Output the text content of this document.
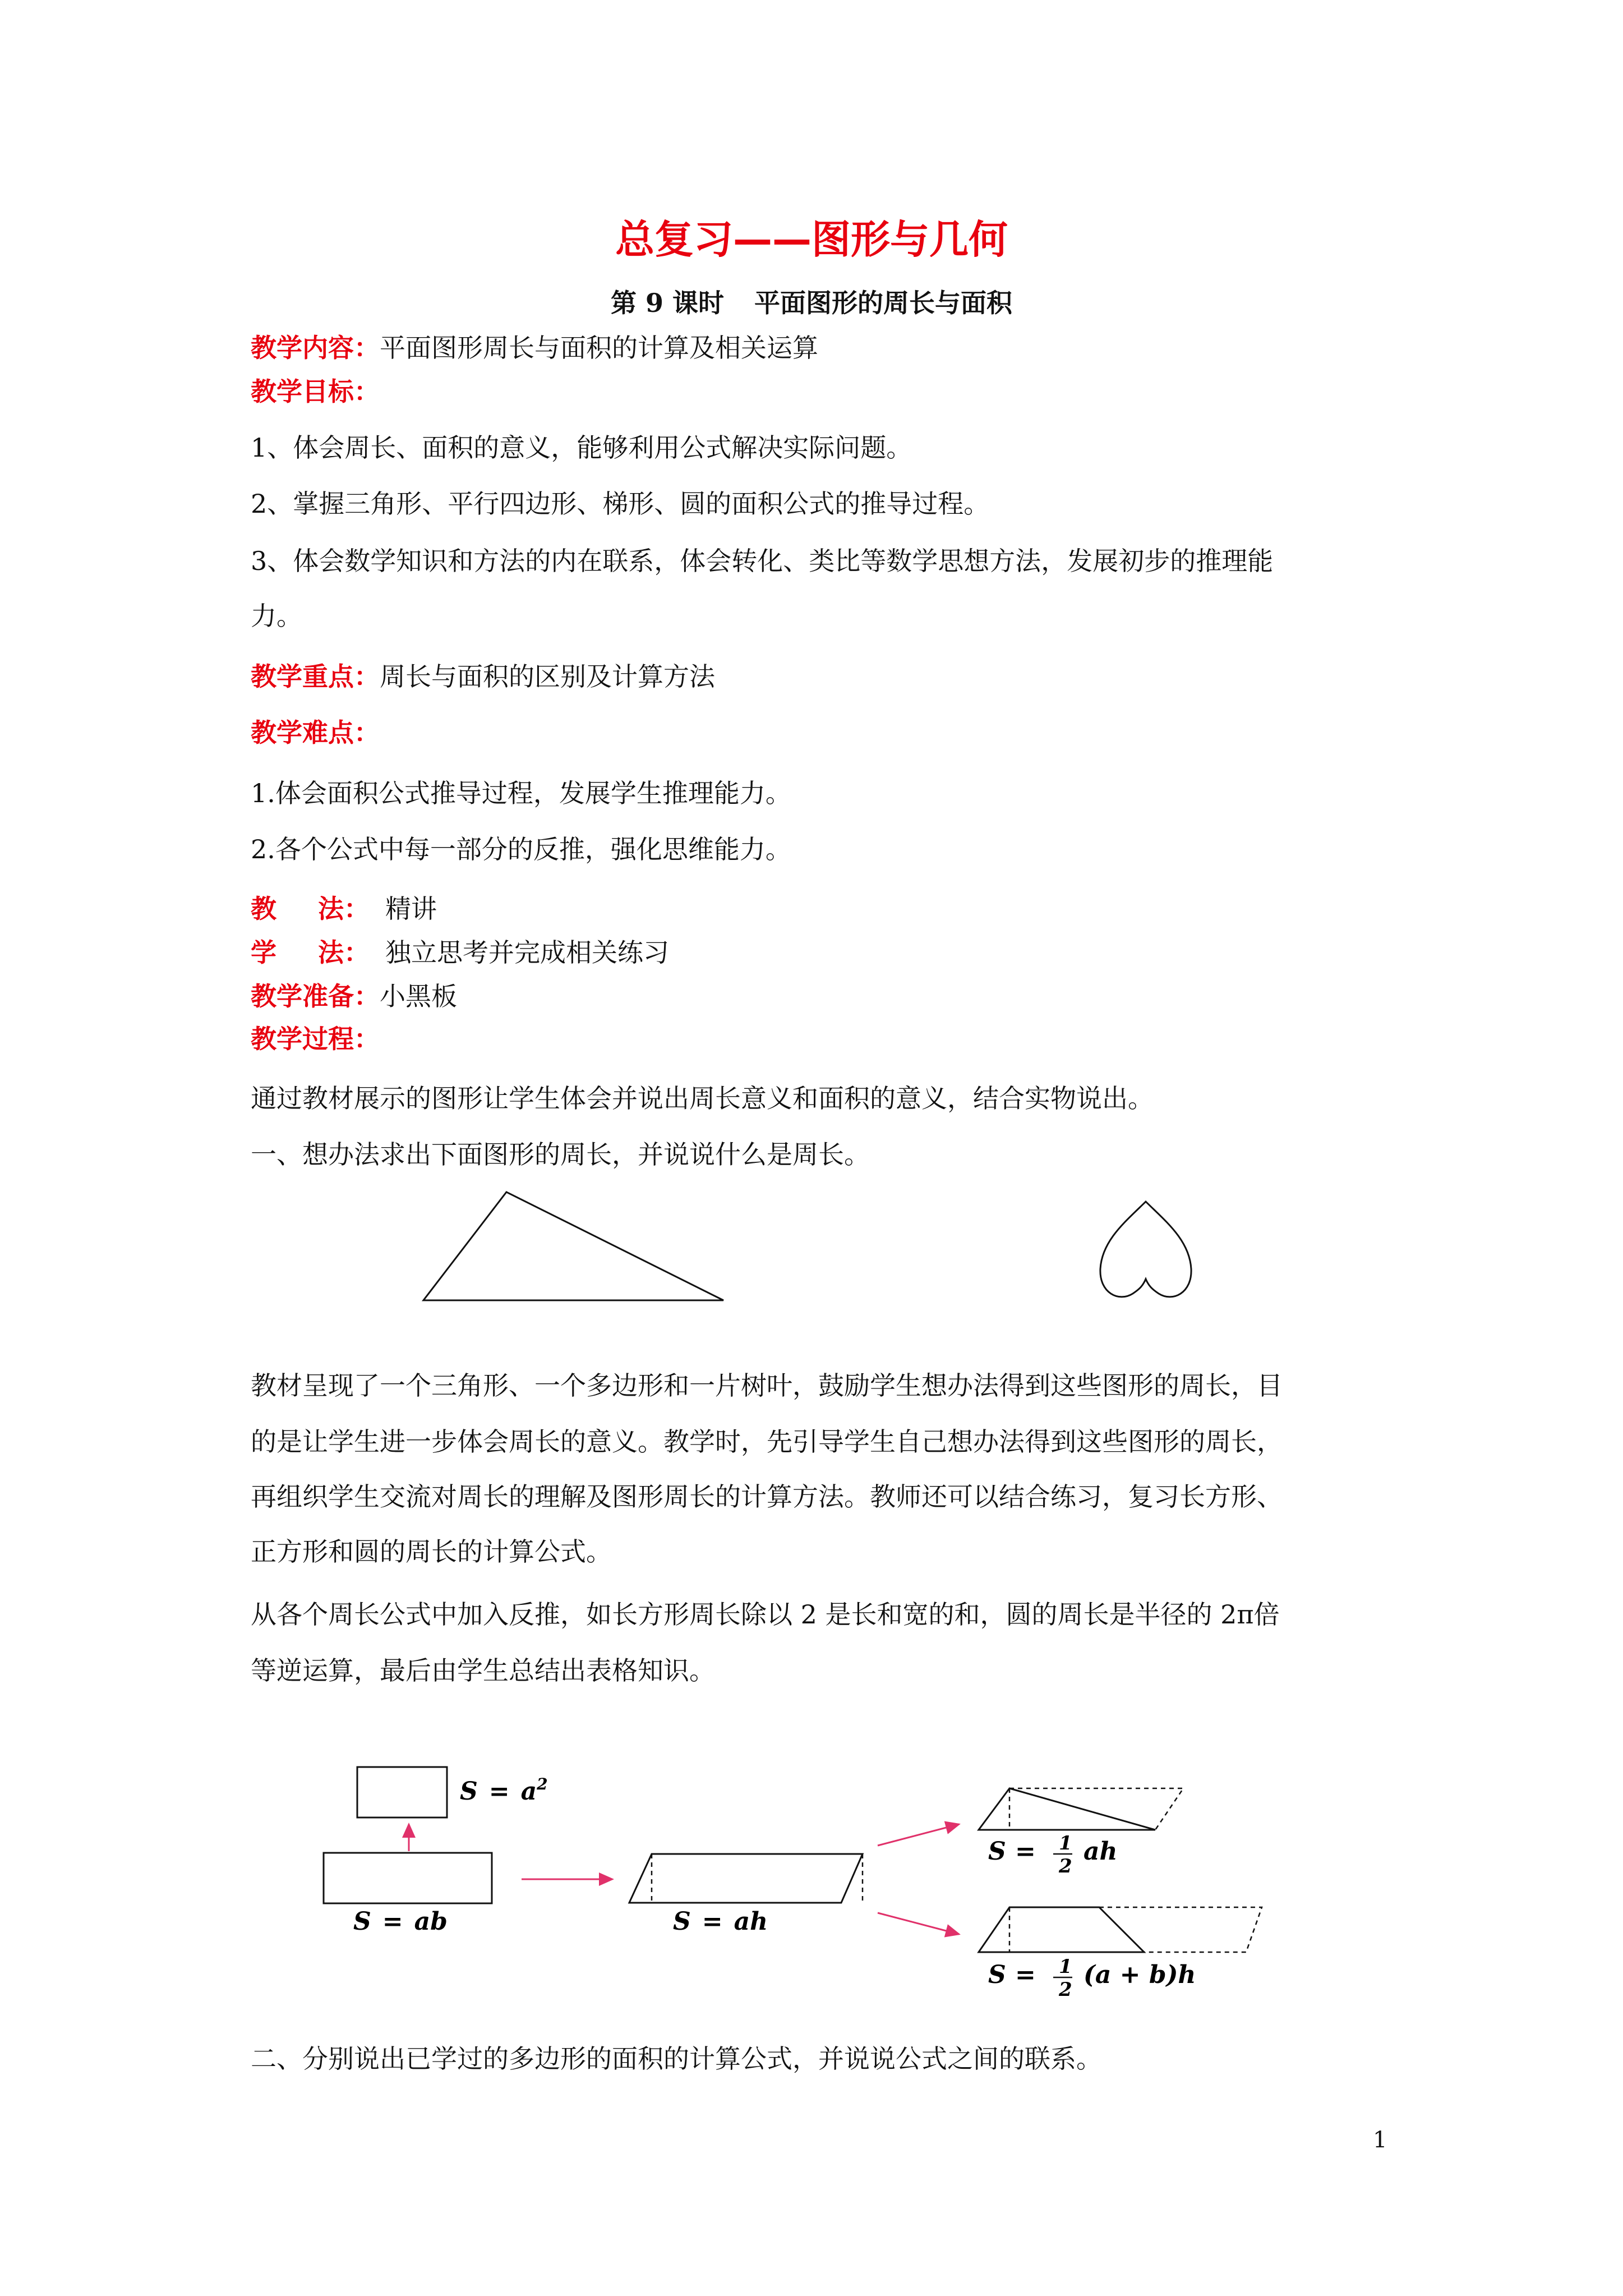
总复习——图形与几何
第 9 课时 平面图形的周长与面积
教学内容：平面图形周长与面积的计算及相关运算
教学目标：
1、体会周长、面积的意义，能够利用公式解决实际问题。
2、掌握三角形、平行四边形、梯形、圆的面积公式的推导过程。
3、体会数学知识和方法的内在联系，体会转化、类比等数学思想方法，发展初步的推理能
力。
教学重点：周长与面积的区别及计算方法
教学难点：
1.体会面积公式推导过程，发展学生推理能力。
2.各个公式中每一部分的反推，强化思维能力。
教 法： 精讲
学 法： 独立思考并完成相关练习
教学准备：小黑板
教学过程：
通过教材展示的图形让学生体会并说出周长意义和面积的意义，结合实物说出。
一、想办法求出下面图形的周长，并说说什么是周长。
教材呈现了一个三角形、一个多边形和一片树叶，鼓励学生想办法得到这些图形的周长，目
的是让学生进一步体会周长的意义。教学时，先引导学生自己想办法得到这些图形的周长，
再组织学生交流对周长的理解及图形周长的计算方法。教师还可以结合练习，复习长方形、
正方形和圆的周长的计算公式。
从各个周长公式中加入反推，如长方形周长除以 2 是长和宽的和，圆的周长是半径的 2π倍
等逆运算，最后由学生总结出表格知识。
$S = a^2$
S = ab	S = ah
S = 1
2
ah
S = 1
2
(a + b)h
二、分别说出已学过的多边形的面积的计算公式，并说说公式之间的联系。
1
